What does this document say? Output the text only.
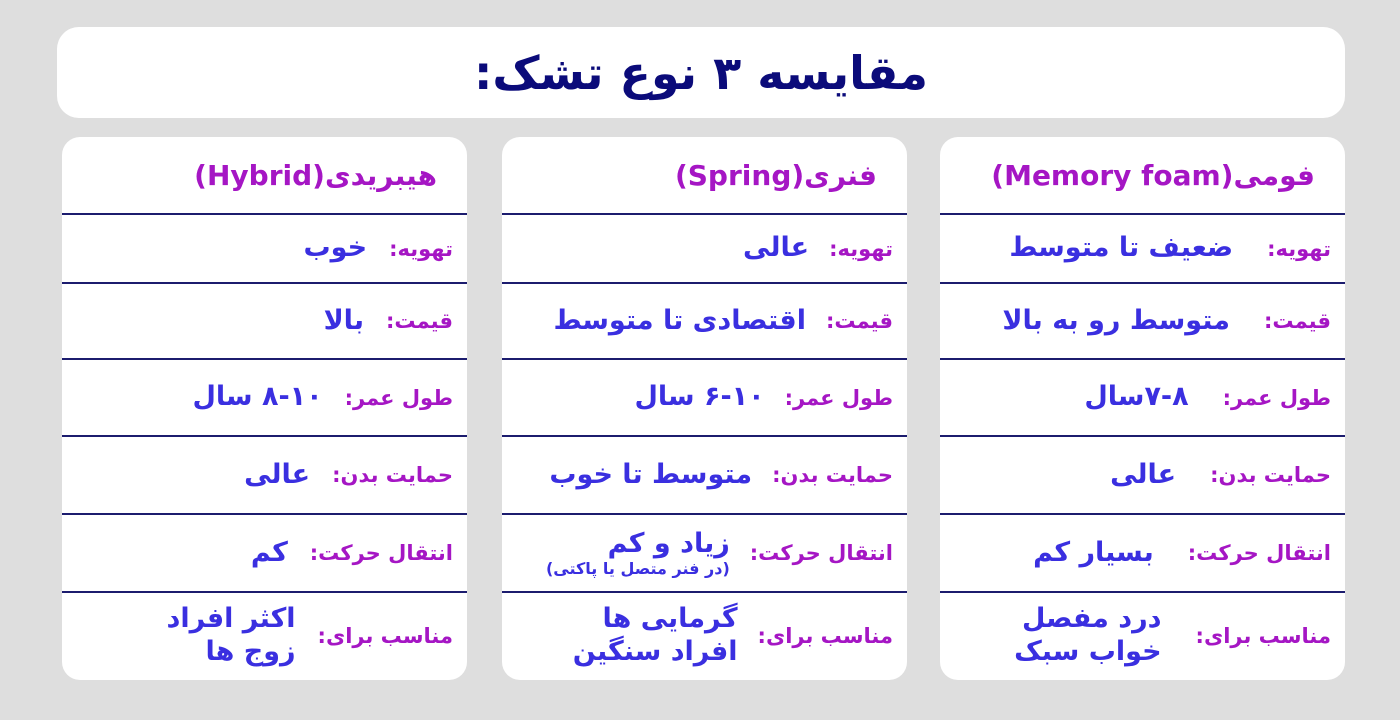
مقایسه ۳ نوع تشک:
فومی
(Memory foam)
تهویه:
ضعیف تا متوسط
قیمت:
متوسط رو به بالا
طول عمر:
۷-۸سال
حمایت بدن:
عالی
انتقال حرکت:
بسیار کم
مناسب برای:
درد مفصل
خواب سبک
فنری
(Spring)
تهویه:
عالی
قیمت:
اقتصادی تا متوسط
طول عمر:
۶-۱۰ سال
حمایت بدن:
متوسط تا خوب
انتقال حرکت:
زیاد و کم
(در فنر متصل یا پاکتی)
مناسب برای:
گرمایی ها
افراد سنگین
هیبریدی
(Hybrid)
تهویه:
خوب
قیمت:
بالا
طول عمر:
۸-۱۰ سال
حمایت بدن:
عالی
انتقال حرکت:
کم
مناسب برای:
اکثر افراد
زوج ها
